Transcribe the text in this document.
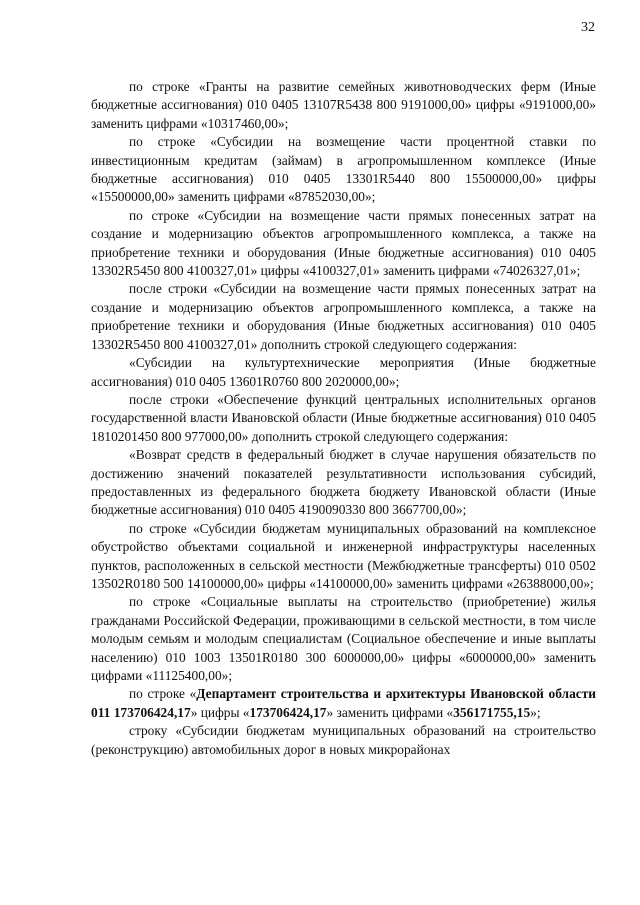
32

по строке «Гранты на развитие семейных животноводческих ферм (Иные бюджетные ассигнования) 010 0405 13107R5438 800 9191000,00» цифры «9191000,00» заменить цифрами «10317460,00»;

по строке «Субсидии на возмещение части процентной ставки по инвестиционным кредитам (займам) в агропромышленном комплексе (Иные бюджетные ассигнования) 010 0405 13301R5440 800 15500000,00» цифры «15500000,00» заменить цифрами «87852030,00»;

по строке «Субсидии на возмещение части прямых понесенных затрат на создание и модернизацию объектов агропромышленного комплекса, а также на приобретение техники и оборудования (Иные бюджетные ассигнования) 010 0405 13302R5450 800 4100327,01» цифры «4100327,01» заменить цифрами «74026327,01»;

после строки «Субсидии на возмещение части прямых понесенных затрат на создание и модернизацию объектов агропромышленного комплекса, а также на приобретение техники и оборудования (Иные бюджетных ассигнования) 010 0405 13302R5450 800 4100327,01» дополнить строкой следующего содержания:

«Субсидии на культуртехнические мероприятия (Иные бюджетные ассигнования) 010 0405 13601R0760 800 2020000,00»;

после строки «Обеспечение функций центральных исполнительных органов государственной власти Ивановской области (Иные бюджетные ассигнования) 010 0405 1810201450 800 977000,00» дополнить строкой следующего содержания:

«Возврат средств в федеральный бюджет в случае нарушения обязательств по достижению значений показателей результативности использования субсидий, предоставленных из федерального бюджета бюджету Ивановской области (Иные бюджетные ассигнования) 010 0405 4190090330 800 3667700,00»;

по строке «Субсидии бюджетам муниципальных образований на комплексное обустройство объектами социальной и инженерной инфраструктуры населенных пунктов, расположенных в сельской местности (Межбюджетные трансферты) 010 0502 13502R0180 500 14100000,00» цифры «14100000,00» заменить цифрами «26388000,00»;

по строке «Социальные выплаты на строительство (приобретение) жилья гражданами Российской Федерации, проживающими в сельской местности, в том числе молодым семьям и молодым специалистам (Социальное обеспечение и иные выплаты населению) 010 1003 13501R0180 300 6000000,00» цифры «6000000,00» заменить цифрами «11125400,00»;

по строке «Департамент строительства и архитектуры Ивановской области 011 173706424,17» цифры «173706424,17» заменить цифрами «356171755,15»;

строку «Субсидии бюджетам муниципальных образований на строительство (реконструкцию) автомобильных дорог в новых микрорайонах
